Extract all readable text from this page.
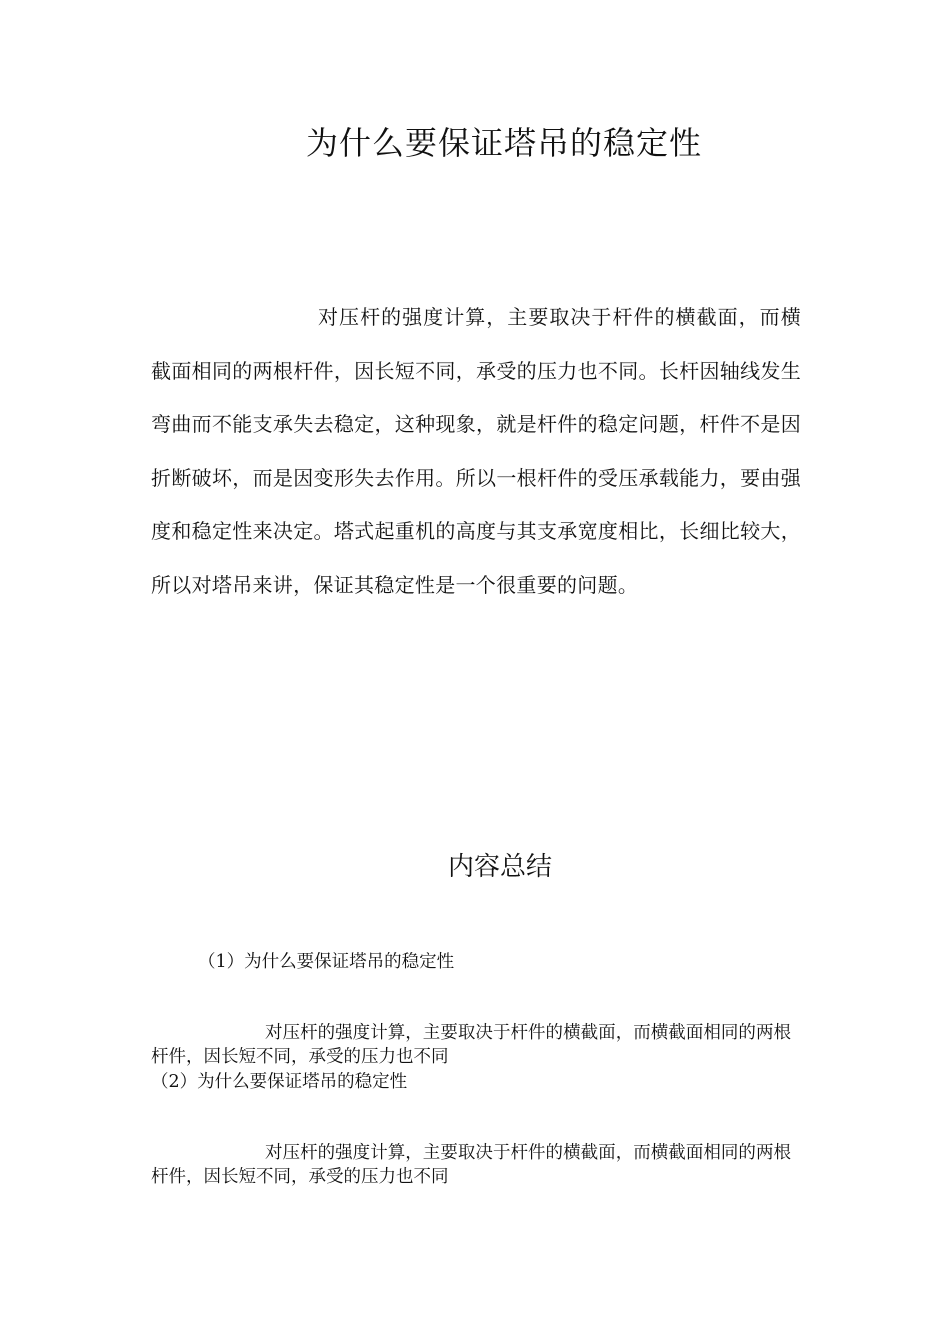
为什么要保证塔吊的稳定性
对压杆的强度计算，主要取决于杆件的横截面，而横截面相同的两根杆件，因长短不同，承受的压力也不同。长杆因轴线发生弯曲而不能支承失去稳定，这种现象，就是杆件的稳定问题，杆件不是因折断破坏，而是因变形失去作用。所以一根杆件的受压承载能力，要由强度和稳定性来决定。塔式起重机的高度与其支承宽度相比，长细比较大，所以对塔吊来讲，保证其稳定性是一个很重要的问题。
内容总结
（1）为什么要保证塔吊的稳定性
对压杆的强度计算，主要取决于杆件的横截面，而横截面相同的两根杆件，因长短不同，承受的压力也不同
（2）为什么要保证塔吊的稳定性
对压杆的强度计算，主要取决于杆件的横截面，而横截面相同的两根杆件，因长短不同，承受的压力也不同
